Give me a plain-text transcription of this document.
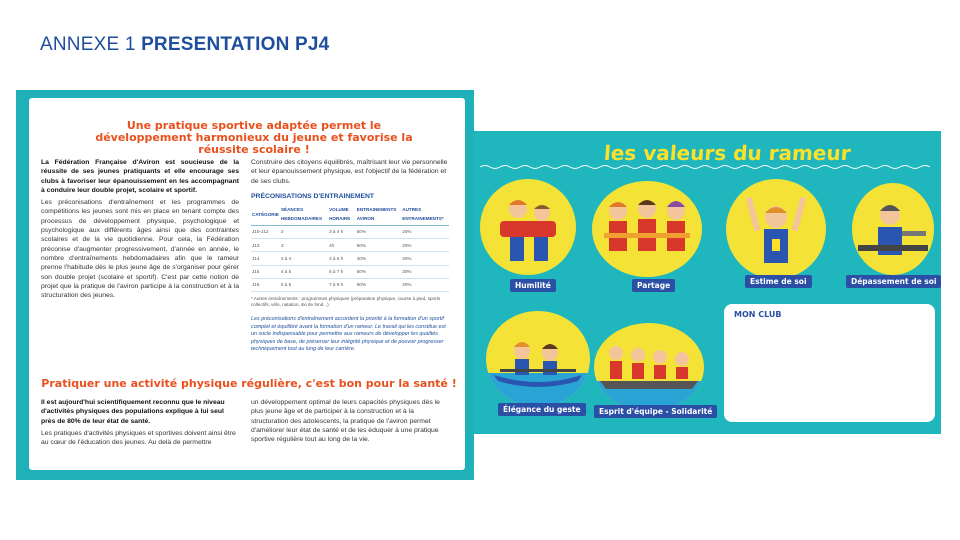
ANNEXE 1 PRESENTATION PJ4
Une pratique sportive adaptée permet le développement harmonieux du jeune et favorise la réussite scolaire !
La Fédération Française d'Aviron est soucieuse de la réussite de ses jeunes pratiquants et elle encourage ses clubs à favoriser leur épanouissement en les accompagnant à conduire leur double projet, scolaire et sportif.
Les préconisations d'entraînement et les programmes de compétitions les jeunes sont mis en place en tenant compte des processus de développement physique, psychologique et psychologique aux différents âges ainsi que des contraintes scolaires et de la vie quotidienne. Pour cela, la Fédération préconise d'augmenter progressivement, d'année en année, le nombre d'entraînements hebdomadaires afin que le rameur prenne l'habitude dès le plus jeune âge de s'organiser pour gérer son double projet (scolaire et sportif). C'est par cette notion de projet que la pratique de l'aviron participe à la construction et à la structuration des jeunes.
Construire des citoyens équilibrés, maîtrisant leur vie personnelle et leur épanouissement physique, est l'objectif de la fédération et de ses clubs.
PRÉCONISATIONS D'ENTRAINEMENT
CATÉGORIE	SÉANCES HEBDOMADAIRES	VOLUME HORAIRE	ENTRAINEMENTS AVIRON	AUTRES ENTRAINEMENTS*
J10-J12	2	3 à 4 h	50%	20%
J13	3	4h	50%	20%
J14	3 à 4	4 à 5 h	40%	40%
J15	4 à 5	5 à 7 h	50%	30%
J16	5 à 6	7 à 9 h	60%	40%
* Autres entraînements : programmes physiques (préparation physique, course à pied, sports collectifs, vélo, natation, ski de fond...).
Les préconisations d'entraînement accordent la priorité à la formation d'un sportif complet et équilibré avant la formation d'un rameur. Le travail qui les constitue est un socle indispensable pour permettre aux rameurs de développer les qualités physiques de base, de préserver leur intégrité physique et de pouvoir progresser techniquement tout au long de leur carrière.
Pratiquer une activité physique régulière, c'est bon pour la santé !
Il est aujourd'hui scientifiquement reconnu que le niveau d'activités physiques des populations explique à lui seul près de 80% de leur état de santé.
Les pratiques d'activités physiques et sportives doivent ainsi être au cœur de l'éducation des jeunes. Au delà de permettre
un développement optimal de leurs capacités physiques dès le plus jeune âge et de participer à la construction et à la structuration des adolescents, la pratique de l'aviron permet d'améliorer leur état de santé et de les éduquer à une pratique sportive régulière tout au long de la vie.
les valeurs du rameur
Humilité	Partage	Estime de soi	Dépassement de soi
Élégance du geste	Esprit d'équipe - Solidarité
MON CLUB
